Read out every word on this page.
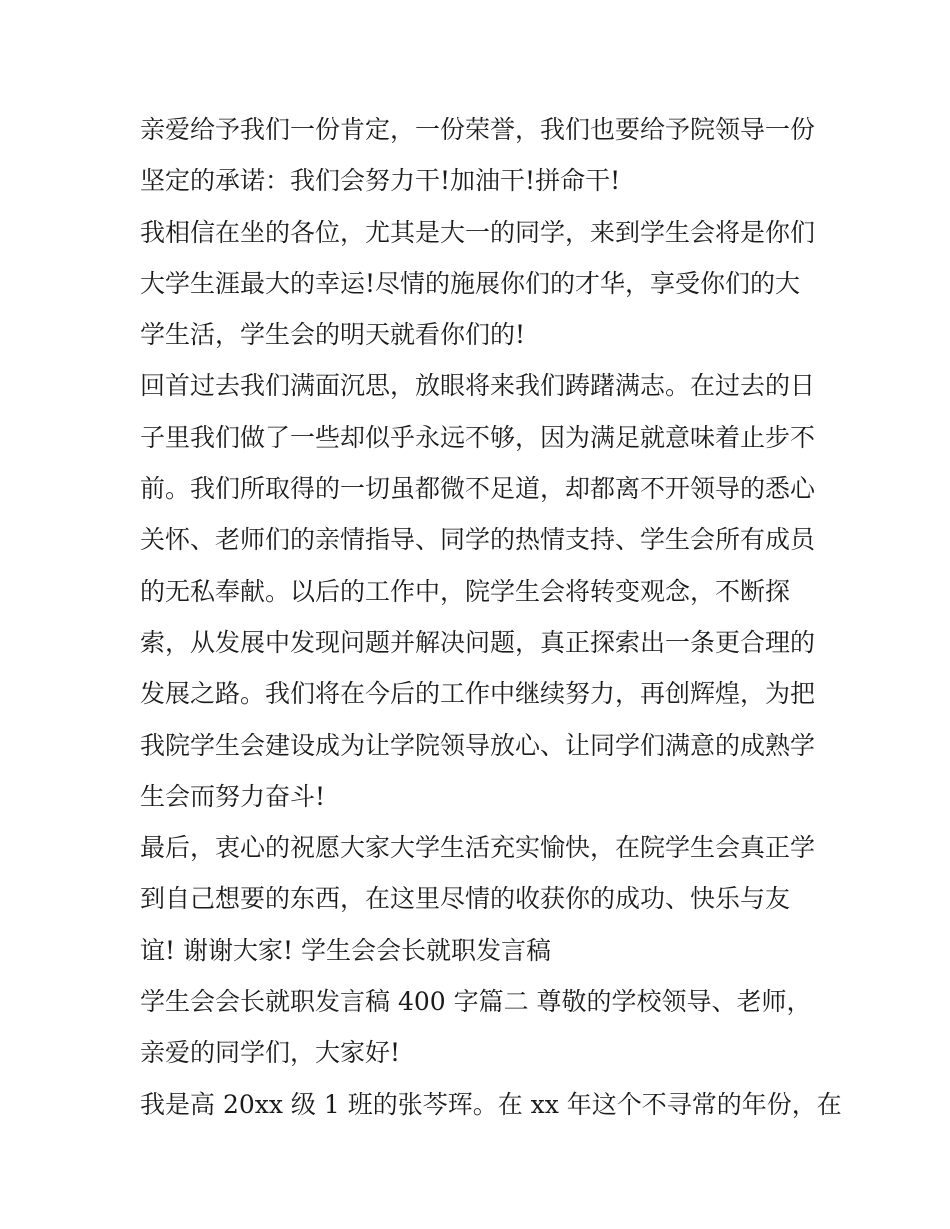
亲爱给予我们一份肯定，一份荣誉，我们也要给予院领导一份
坚定的承诺：我们会努力干!加油干!拼命干!
我相信在坐的各位，尤其是大一的同学，来到学生会将是你们
大学生涯最大的幸运!尽情的施展你们的才华，享受你们的大
学生活，学生会的明天就看你们的!
回首过去我们满面沉思，放眼将来我们踌躇满志。在过去的日
子里我们做了一些却似乎永远不够，因为满足就意味着止步不
前。我们所取得的一切虽都微不足道，却都离不开领导的悉心
关怀、老师们的亲情指导、同学的热情支持、学生会所有成员
的无私奉献。以后的工作中，院学生会将转变观念，不断探
索，从发展中发现问题并解决问题，真正探索出一条更合理的
发展之路。我们将在今后的工作中继续努力，再创辉煌，为把
我院学生会建设成为让学院领导放心、让同学们满意的成熟学
生会而努力奋斗!
最后，衷心的祝愿大家大学生活充实愉快，在院学生会真正学
到自己想要的东西，在这里尽情的收获你的成功、快乐与友
谊! 谢谢大家! 学生会会长就职发言稿
学生会会长就职发言稿 400 字篇二 尊敬的学校领导、老师，
亲爱的同学们，大家好!
我是高 20xx 级 1 班的张芩珲。在 xx 年这个不寻常的年份，在
